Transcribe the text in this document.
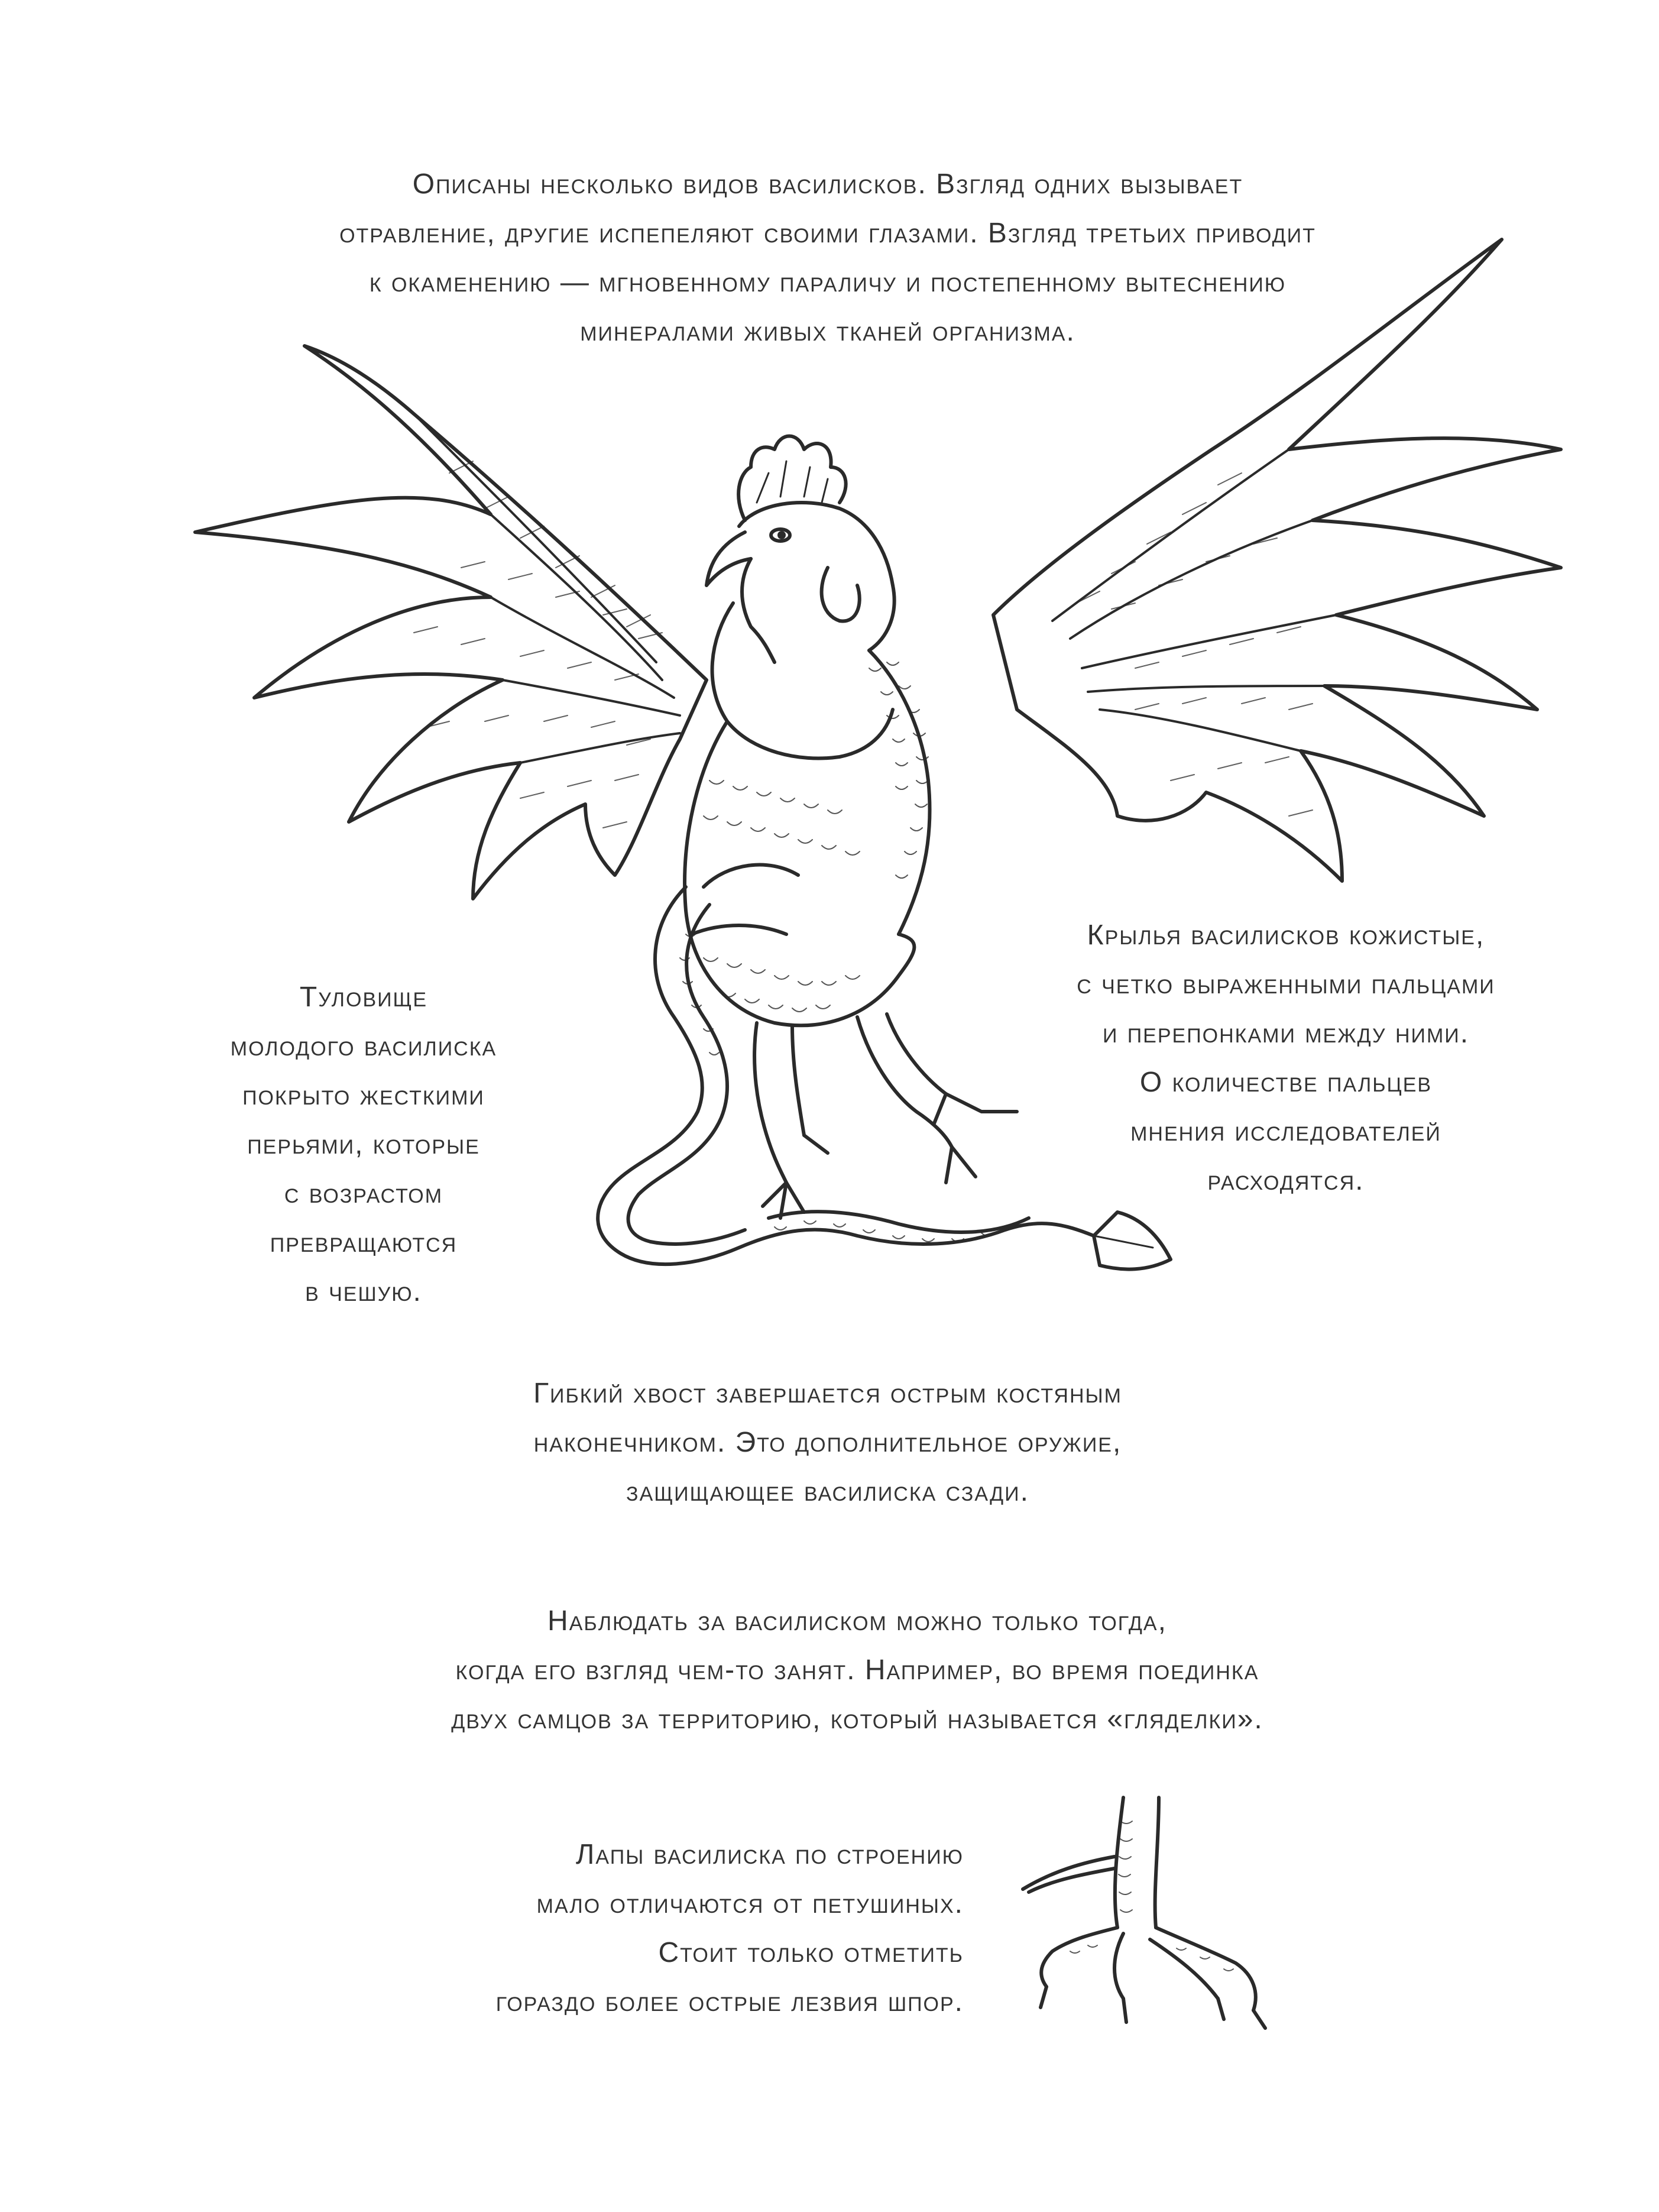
Описаны несколько видов василисков. Взгляд одних вызывает
отравление, другие испепеляют своими глазами. Взгляд третьих приводит
к окаменению — мгновенному параличу и постепенному вытеснению
минералами живых тканей организма.

Туловище
молодого василиска
покрыто жесткими
перьями, которые
с возрастом
превращаются
в чешую.

Крылья василисков кожистые,
с четко выраженными пальцами
и перепонками между ними.
О количестве пальцев
мнения исследователей
расходятся.

Гибкий хвост завершается острым костяным
наконечником. Это дополнительное оружие,
защищающее василиска сзади.

Наблюдать за василиском можно только тогда,
когда его взгляд чем-то занят. Например, во время поединка
двух самцов за территорию, который называется «гляделки».

Лапы василиска по строению
мало отличаются от петушиных.
Стоит только отметить
гораздо более острые лезвия шпор.
